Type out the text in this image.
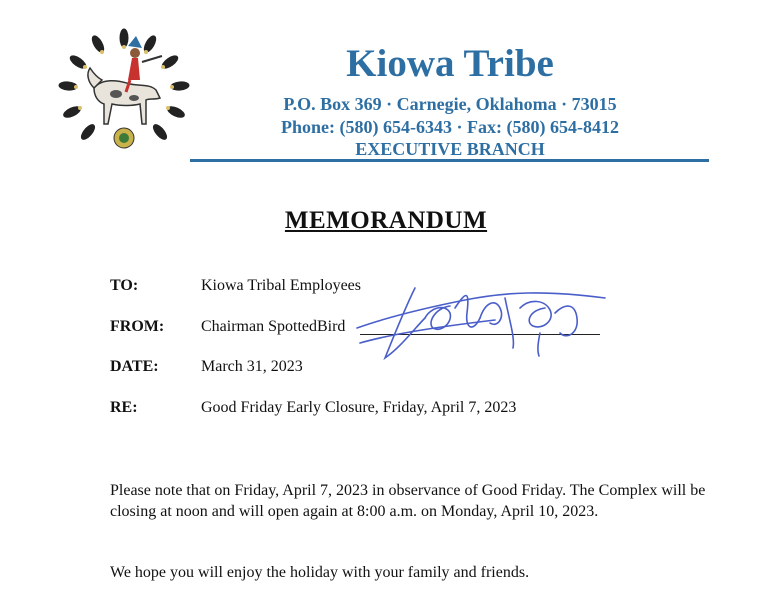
Kiowa Tribe
P.O. Box 369 · Carnegie, Oklahoma · 73015
Phone: (580) 654-6343 · Fax: (580) 654-8412
EXECUTIVE BRANCH
MEMORANDUM
TO:	Kiowa Tribal Employees
FROM: Chairman SpottedBird
DATE:	March 31, 2023
RE:	Good Friday Early Closure, Friday, April 7, 2023
Please note that on Friday, April 7, 2023 in observance of Good Friday. The Complex will be closing at noon and will open again at 8:00 a.m. on Monday, April 10, 2023.
We hope you will enjoy the holiday with your family and friends.
